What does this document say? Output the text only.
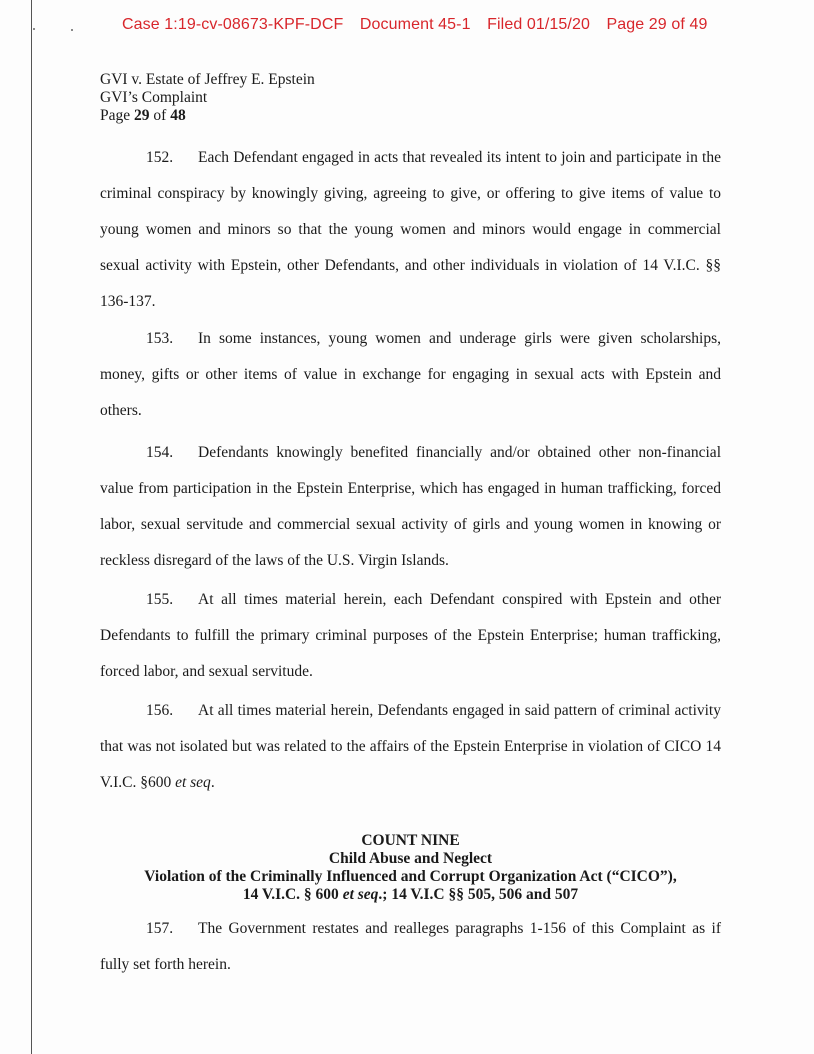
Case 1:19-cv-08673-KPF-DCF Document 45-1 Filed 01/15/20 Page 29 of 49
GVI v. Estate of Jeffrey E. Epstein
GVI’s Complaint
Page 29 of 48

152. Each Defendant engaged in acts that revealed its intent to join and participate in the criminal conspiracy by knowingly giving, agreeing to give, or offering to give items of value to young women and minors so that the young women and minors would engage in commercial sexual activity with Epstein, other Defendants, and other individuals in violation of 14 V.I.C. §§ 136-137.

153. In some instances, young women and underage girls were given scholarships, money, gifts or other items of value in exchange for engaging in sexual acts with Epstein and others.

154. Defendants knowingly benefited financially and/or obtained other non-financial value from participation in the Epstein Enterprise, which has engaged in human trafficking, forced labor, sexual servitude and commercial sexual activity of girls and young women in knowing or reckless disregard of the laws of the U.S. Virgin Islands.

155. At all times material herein, each Defendant conspired with Epstein and other Defendants to fulfill the primary criminal purposes of the Epstein Enterprise; human trafficking, forced labor, and sexual servitude.

156. At all times material herein, Defendants engaged in said pattern of criminal activity that was not isolated but was related to the affairs of the Epstein Enterprise in violation of CICO 14 V.I.C. §600 et seq.

COUNT NINE
Child Abuse and Neglect
Violation of the Criminally Influenced and Corrupt Organization Act (“CICO”),
14 V.I.C. § 600 et seq.; 14 V.I.C §§ 505, 506 and 507

157. The Government restates and realleges paragraphs 1-156 of this Complaint as if fully set forth herein.
